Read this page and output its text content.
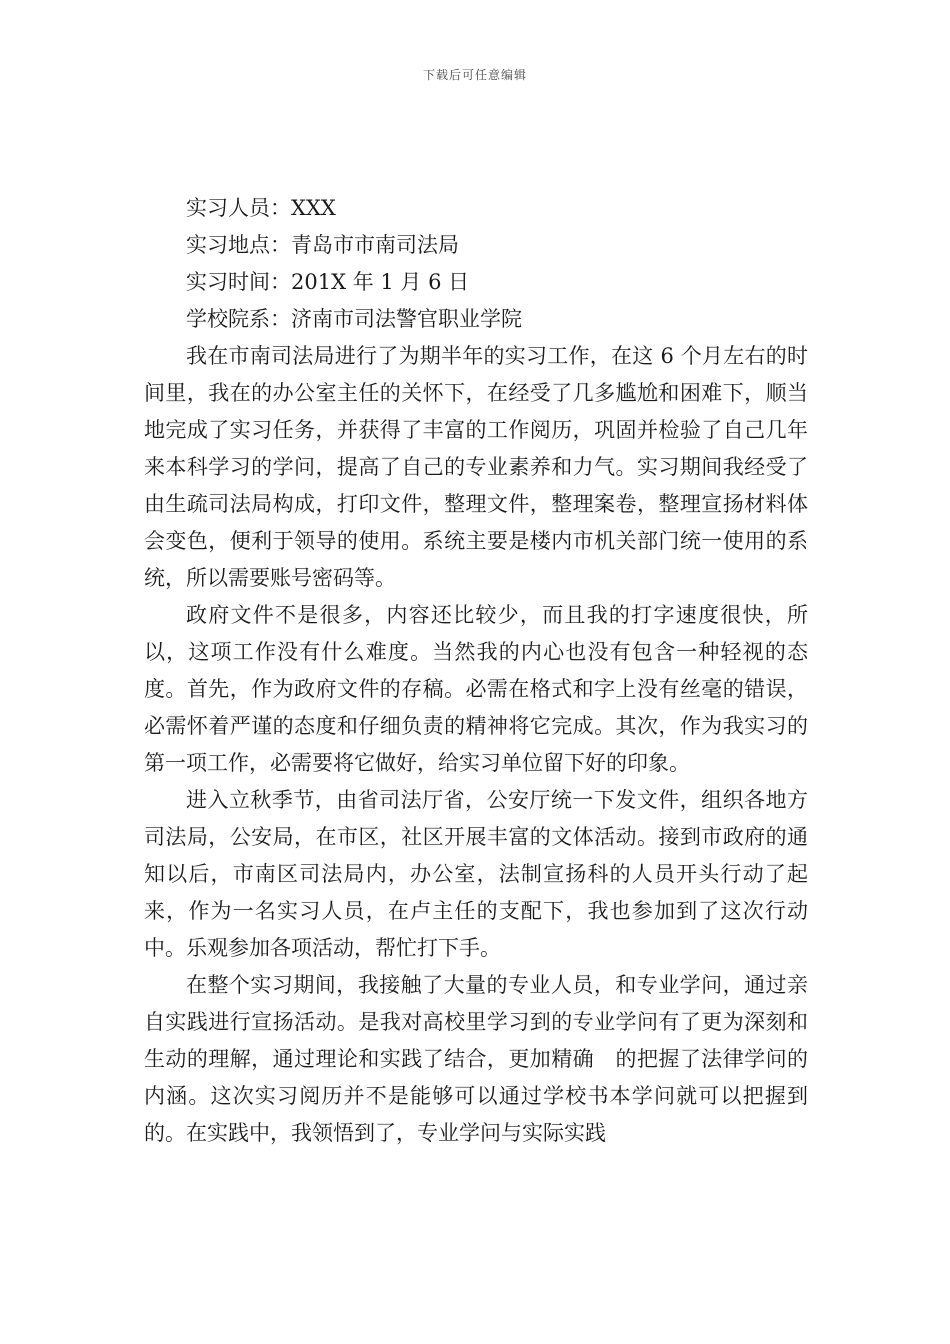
下载后可任意编辑

实习人员：XXX

实习地点：青岛市市南司法局

实习时间：201X 年 1 月 6 日

学校院系：济南市司法警官职业学院

我在市南司法局进行了为期半年的实习工作，在这 6 个月左右的时间里，我在的办公室主任的关怀下，在经受了几多尴尬和困难下，顺当地完成了实习任务，并获得了丰富的工作阅历，巩固并检验了自己几年来本科学习的学问，提高了自己的专业素养和力气。实习期间我经受了由生疏司法局构成，打印文件，整理文件，整理案卷，整理宣扬材料体会变色，便利于领导的使用。系统主要是楼内市机关部门统一使用的系统，所以需要账号密码等。

政府文件不是很多，内容还比较少，而且我的打字速度很快，所以，这项工作没有什么难度。当然我的内心也没有包含一种轻视的态度。首先，作为政府文件的存稿。必需在格式和字上没有丝毫的错误，必需怀着严谨的态度和仔细负责的精神将它完成。其次，作为我实习的第一项工作，必需要将它做好，给实习单位留下好的印象。

进入立秋季节，由省司法厅省，公安厅统一下发文件，组织各地方司法局，公安局，在市区，社区开展丰富的文体活动。接到市政府的通知以后，市南区司法局内，办公室，法制宣扬科的人员开头行动了起来，作为一名实习人员，在卢主任的支配下，我也参加到了这次行动中。乐观参加各项活动，帮忙打下手。

在整个实习期间，我接触了大量的专业人员，和专业学问，通过亲自实践进行宣扬活动。是我对高校里学习到的专业学问有了更为深刻和生动的理解，通过理论和实践了结合，更加精确　的把握了法律学问的内涵。这次实习阅历并不是能够可以通过学校书本学问就可以把握到的。在实践中，我领悟到了，专业学问与实际实践
